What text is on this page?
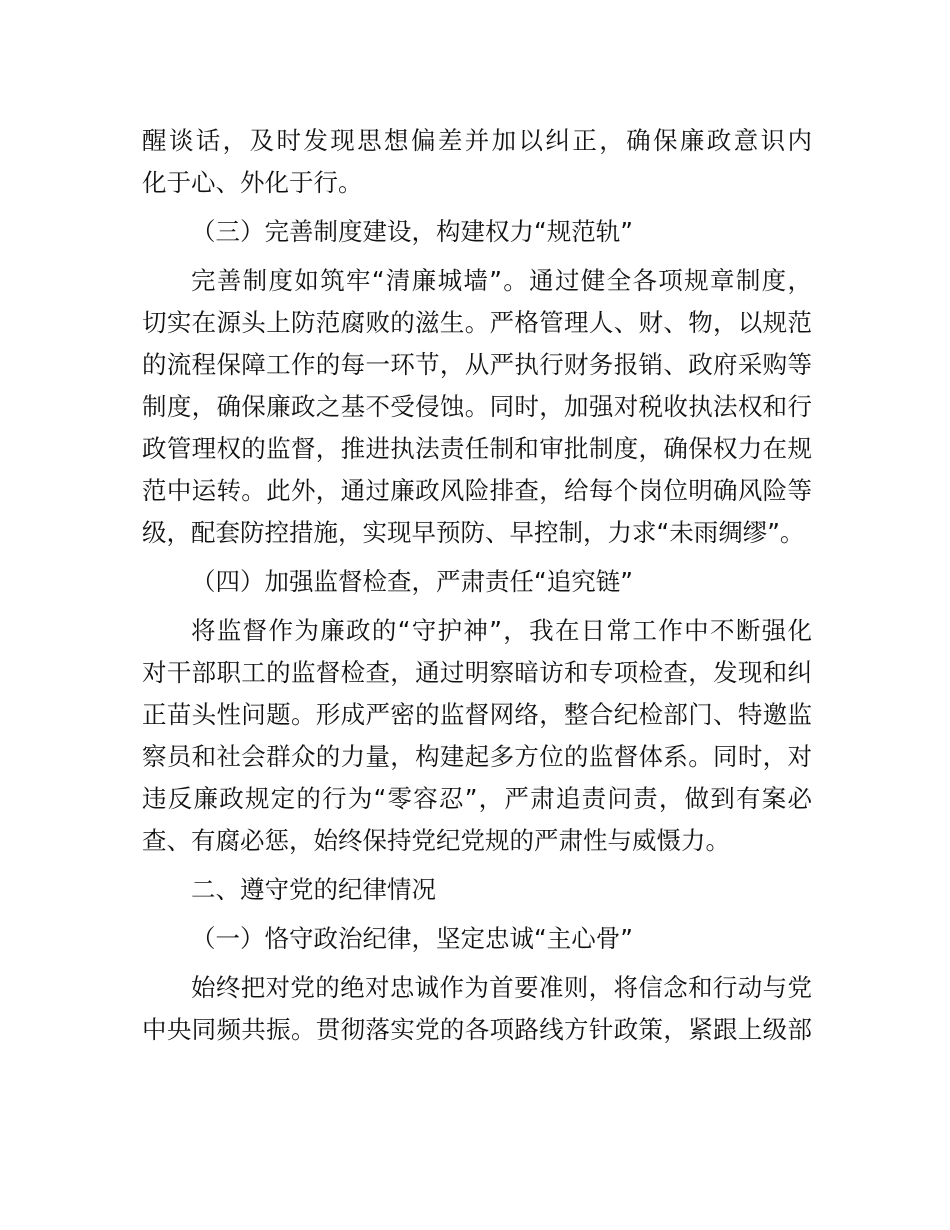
醒谈话，及时发现思想偏差并加以纠正，确保廉政意识内
化于心、外化于行。
（三）完善制度建设，构建权力“规范轨”
完善制度如筑牢“清廉城墙”。通过健全各项规章制度，
切实在源头上防范腐败的滋生。严格管理人、财、物，以规范
的流程保障工作的每一环节，从严执行财务报销、政府采购等
制度，确保廉政之基不受侵蚀。同时，加强对税收执法权和行
政管理权的监督，推进执法责任制和审批制度，确保权力在规
范中运转。此外，通过廉政风险排查，给每个岗位明确风险等
级，配套防控措施，实现早预防、早控制，力求“未雨绸缪”。
（四）加强监督检查，严肃责任“追究链”
将监督作为廉政的“守护神”，我在日常工作中不断强化
对干部职工的监督检查，通过明察暗访和专项检查，发现和纠
正苗头性问题。形成严密的监督网络，整合纪检部门、特邀监
察员和社会群众的力量，构建起多方位的监督体系。同时，对
违反廉政规定的行为“零容忍”，严肃追责问责，做到有案必
查、有腐必惩，始终保持党纪党规的严肃性与威慑力。
二、遵守党的纪律情况
（一）恪守政治纪律，坚定忠诚“主心骨”
始终把对党的绝对忠诚作为首要准则，将信念和行动与党
中央同频共振。贯彻落实党的各项路线方针政策，紧跟上级部
